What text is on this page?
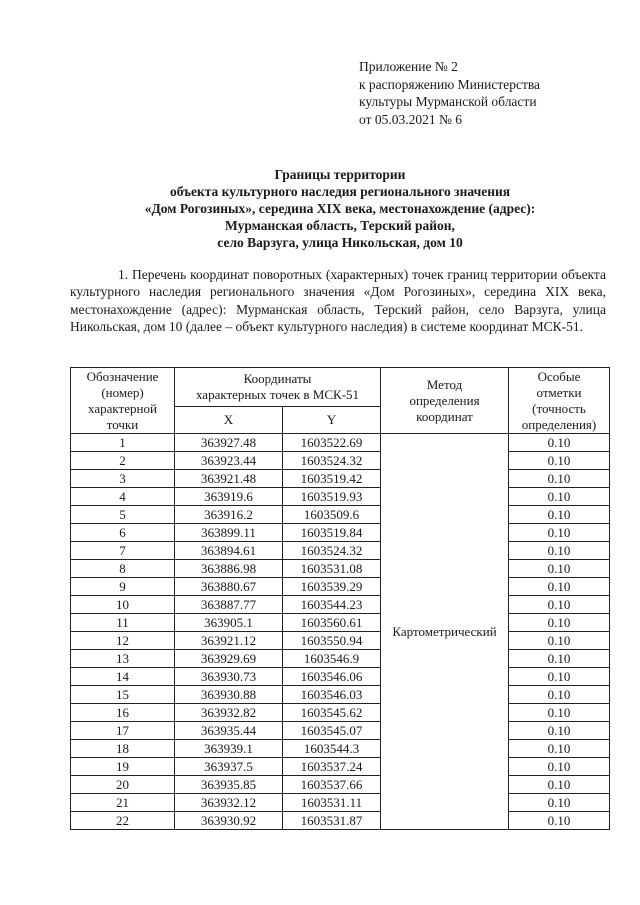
Приложение № 2
к распоряжению Министерства
культуры Мурманской области
от 05.03.2021 № 6
Границы территории
объекта культурного наследия регионального значения
«Дом Рогозиных», середина XIX века, местонахождение (адрес):
Мурманская область, Терский район,
село Варзуга, улица Никольская, дом 10
1. Перечень координат поворотных (характерных) точек границ территории объекта культурного наследия регионального значения «Дом Рогозиных», середина XIX века, местонахождение (адрес): Мурманская область, Терский район, село Варзуга, улица Никольская, дом 10 (далее – объект культурного наследия) в системе координат МСК-51.
Обозначение
(номер)
характерной
точки	Координаты
характерных точек в МСК-51		Метод
определения
координат	Особые
отметки
(точность
определения)

	X	Y		
1	363927.48	1603522.69	Картометрический	0.10
2	363923.44	1603524.32		0.10
3	363921.48	1603519.42		0.10
4	363919.6	1603519.93		0.10
5	363916.2	1603509.6		0.10
6	363899.11	1603519.84		0.10
7	363894.61	1603524.32		0.10
8	363886.98	1603531.08		0.10
9	363880.67	1603539.29		0.10
10	363887.77	1603544.23		0.10
11	363905.1	1603560.61		0.10
12	363921.12	1603550.94		0.10
13	363929.69	1603546.9		0.10
14	363930.73	1603546.06		0.10
15	363930.88	1603546.03		0.10
16	363932.82	1603545.62		0.10
17	363935.44	1603545.07		0.10
18	363939.1	1603544.3		0.10
19	363937.5	1603537.24		0.10
20	363935.85	1603537.66		0.10
21	363932.12	1603531.11		0.10
22	363930.92	1603531.87		0.10
